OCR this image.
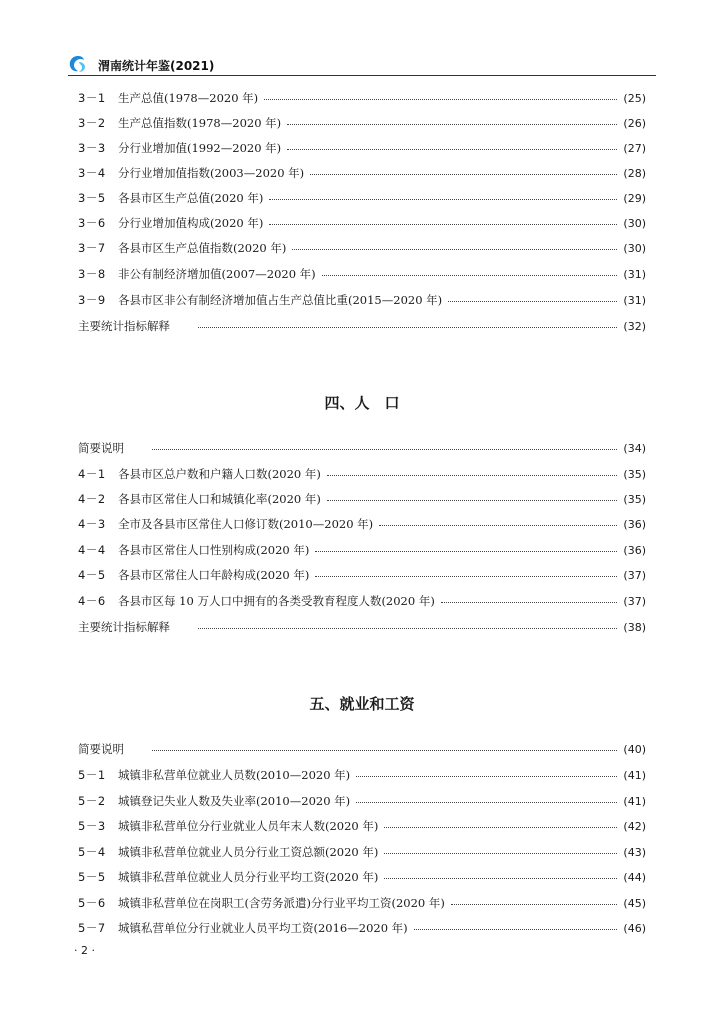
渭南统计年鉴(2021)
3－1	生产总值(1978—2020 年)	(25)
3－2	生产总值指数(1978—2020 年)	(26)
3－3	分行业增加值(1992—2020 年)	(27)
3－4	分行业增加值指数(2003—2020 年)	(28)
3－5	各县市区生产总值(2020 年)	(29)
3－6	分行业增加值构成(2020 年)	(30)
3－7	各县市区生产总值指数(2020 年)	(30)
3－8	非公有制经济增加值(2007—2020 年)	(31)
3－9	各县市区非公有制经济增加值占生产总值比重(2015—2020 年)	(31)
主要统计指标解释	(32)
四、人　口
简要说明	(34)
4－1	各县市区总户数和户籍人口数(2020 年)	(35)
4－2	各县市区常住人口和城镇化率(2020 年)	(35)
4－3	全市及各县市区常住人口修订数(2010—2020 年)	(36)
4－4	各县市区常住人口性别构成(2020 年)	(36)
4－5	各县市区常住人口年龄构成(2020 年)	(37)
4－6	各县市区每 10 万人口中拥有的各类受教育程度人数(2020 年)	(37)
主要统计指标解释	(38)
五、就业和工资
简要说明	(40)
5－1	城镇非私营单位就业人员数(2010—2020 年)	(41)
5－2	城镇登记失业人数及失业率(2010—2020 年)	(41)
5－3	城镇非私营单位分行业就业人员年末人数(2020 年)	(42)
5－4	城镇非私营单位就业人员分行业工资总额(2020 年)	(43)
5－5	城镇非私营单位就业人员分行业平均工资(2020 年)	(44)
5－6	城镇非私营单位在岗职工(含劳务派遣)分行业平均工资(2020 年)	(45)
5－7	城镇私营单位分行业就业人员平均工资(2016—2020 年)	(46)
· 2 ·
